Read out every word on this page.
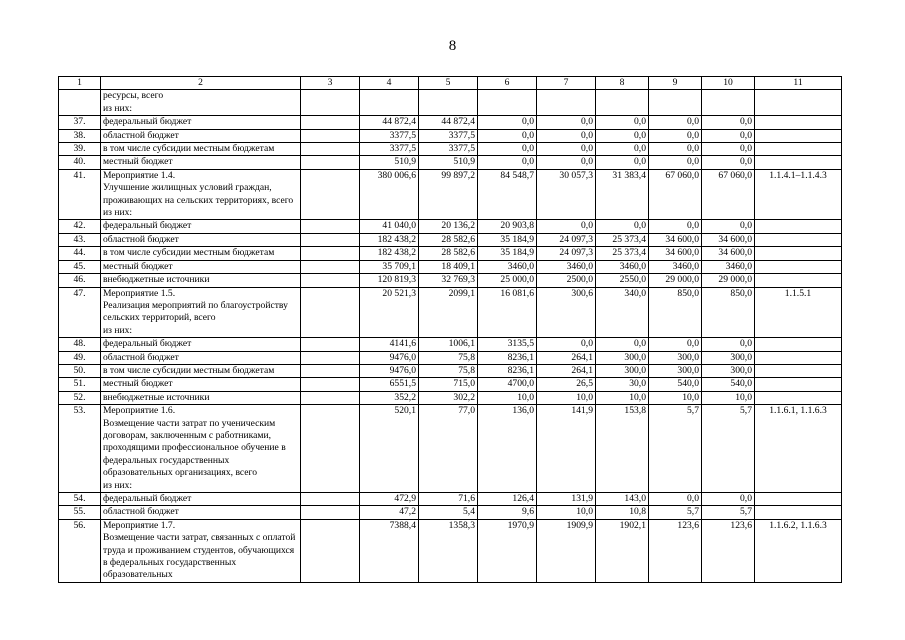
8
1	2	3	4	5	6	7	8	9	10	11
	ресурсы, всего
из них:									
37.	федеральный бюджет		44 872,4	44 872,4	0,0	0,0	0,0	0,0	0,0	
38.	областной бюджет		3377,5	3377,5	0,0	0,0	0,0	0,0	0,0	
39.	в том числе субсидии местным бюджетам		3377,5	3377,5	0,0	0,0	0,0	0,0	0,0	
40.	местный бюджет		510,9	510,9	0,0	0,0	0,0	0,0	0,0	
41.	Мероприятие 1.4.
Улучшение жилищных условий граждан, проживающих на сельских территориях, всего
из них:		380 006,6	99 897,2	84 548,7	30 057,3	31 383,4	67 060,0	67 060,0	1.1.4.1–1.1.4.3
42.	федеральный бюджет		41 040,0	20 136,2	20 903,8	0,0	0,0	0,0	0,0	
43.	областной бюджет		182 438,2	28 582,6	35 184,9	24 097,3	25 373,4	34 600,0	34 600,0	
44.	в том числе субсидии местным бюджетам		182 438,2	28 582,6	35 184,9	24 097,3	25 373,4	34 600,0	34 600,0	
45.	местный бюджет		35 709,1	18 409,1	3460,0	3460,0	3460,0	3460,0	3460,0	
46.	внебюджетные источники		120 819,3	32 769,3	25 000,0	2500,0	2550,0	29 000,0	29 000,0	
47.	Мероприятие 1.5.
Реализация мероприятий по благоустройству сельских территорий, всего
из них:		20 521,3	2099,1	16 081,6	300,6	340,0	850,0	850,0	1.1.5.1
48.	федеральный бюджет		4141,6	1006,1	3135,5	0,0	0,0	0,0	0,0	
49.	областной бюджет		9476,0	75,8	8236,1	264,1	300,0	300,0	300,0	
50.	в том числе субсидии местным бюджетам		9476,0	75,8	8236,1	264,1	300,0	300,0	300,0	
51.	местный бюджет		6551,5	715,0	4700,0	26,5	30,0	540,0	540,0	
52.	внебюджетные источники		352,2	302,2	10,0	10,0	10,0	10,0	10,0	
53.	Мероприятие 1.6.
Возмещение части затрат по ученическим договорам, заключенным с работниками, проходящими профессиональное обучение в федеральных государственных образовательных организациях, всего
из них:		520,1	77,0	136,0	141,9	153,8	5,7	5,7	1.1.6.1, 1.1.6.3
54.	федеральный бюджет		472,9	71,6	126,4	131,9	143,0	0,0	0,0	
55.	областной бюджет		47,2	5,4	9,6	10,0	10,8	5,7	5,7	
56.	Мероприятие 1.7.
Возмещение части затрат, связанных с оплатой труда и проживанием студентов, обучающихся в федеральных государственных образовательных		7388,4	1358,3	1970,9	1909,9	1902,1	123,6	123,6	1.1.6.2, 1.1.6.3
